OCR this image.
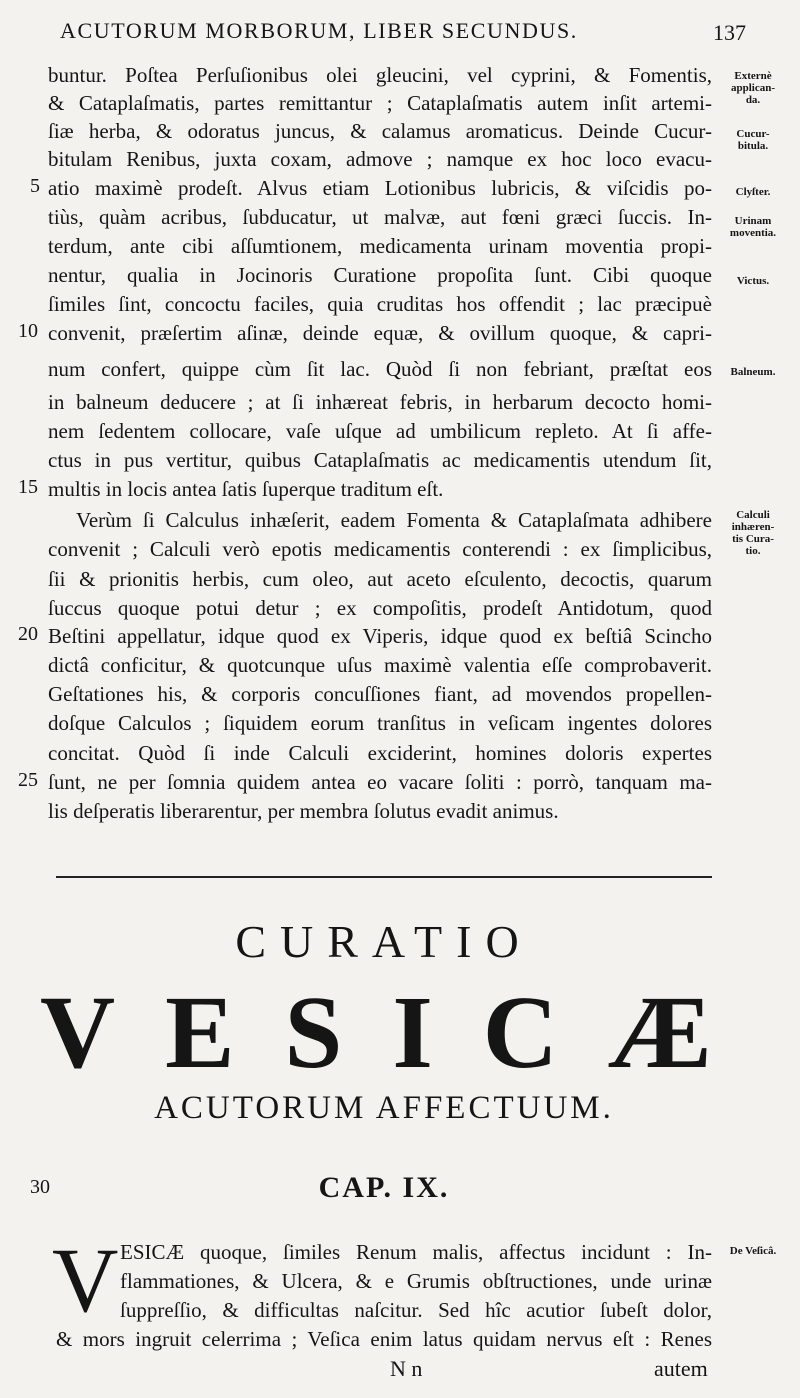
ACUTORUM MORBORUM, LIBER SECUNDUS.	137
buntur. Poſtea Perſuſionibus olei gleucini, vel cyprini, & Fomentis,
& Cataplaſmatis, partes remittantur ; Cataplaſmatis autem inſit artemi-
ſiæ herba, & odoratus juncus, & calamus aromaticus. Deinde Cucur-
bitulam Renibus, juxta coxam, admove ; namque ex hoc loco evacu-
atio maximè prodeſt. Alvus etiam Lotionibus lubricis, & viſcidis po-
tiùs, quàm acribus, ſubducatur, ut malvæ, aut fœni græci ſuccis. In-
terdum, ante cibi aſſumtionem, medicamenta urinam moventia propi-
nentur, qualia in Jocinoris Curatione propoſita ſunt. Cibi quoque
ſimiles ſint, concoctu faciles, quia cruditas hos offendit ; lac præcipuè
convenit, præſertim aſinæ, deinde equæ, & ovillum quoque, & capri-
num confert, quippe cùm ſit lac. Quòd ſi non febriant, præſtat eos
in balneum deducere ; at ſi inhæreat febris, in herbarum decocto homi-
nem ſedentem collocare, vaſe uſque ad umbilicum repleto. At ſi affe-
ctus in pus vertitur, quibus Cataplaſmatis ac medicamentis utendum ſit,
multis in locis antea ſatis ſuperque traditum eſt.
Verùm ſi Calculus inhæſerit, eadem Fomenta & Cataplaſmata adhibere
convenit ; Calculi verò epotis medicamentis conterendi : ex ſimplicibus,
ſii & prionitis herbis, cum oleo, aut aceto eſculento, decoctis, quarum
ſuccus quoque potui detur ; ex compoſitis, prodeſt Antidotum, quod
Beſtini appellatur, idque quod ex Viperis, idque quod ex beſtiâ Scincho
dictâ conficitur, & quotcunque uſus maximè valentia eſſe comprobaverit.
Geſtationes his, & corporis concuſſiones fiant, ad movendos propellen-
doſque Calculos ; ſiquidem eorum tranſitus in veſicam ingentes dolores
concitat. Quòd ſi inde Calculi exciderint, homines doloris expertes
ſunt, ne per ſomnia quidem antea eo vacare ſoliti : porrò, tanquam ma-
lis deſperatis liberarentur, per membra ſolutus evadit animus.
5
10
15
20
25
30
Externè
applican-
da.
Cucur-
bitula.
Clyſter.
Urinam
moventia.
Victus.
Balneum.
Calculi
inhæren-
tis Cura-
tio.
De Veſicâ.
CURATIO
VESICÆ
ACUTORUM AFFECTUUM.
CAP. IX.
V ESICÆ quoque, ſimiles Renum malis, affectus incidunt : In-
flammationes, & Ulcera, & e Grumis obſtructiones, unde urinæ
ſuppreſſio, & difficultas naſcitur. Sed hîc acutior ſubeſt dolor,
& mors ingruit celerrima ; Veſica enim latus quidam nervus eſt : Renes
N n	autem
